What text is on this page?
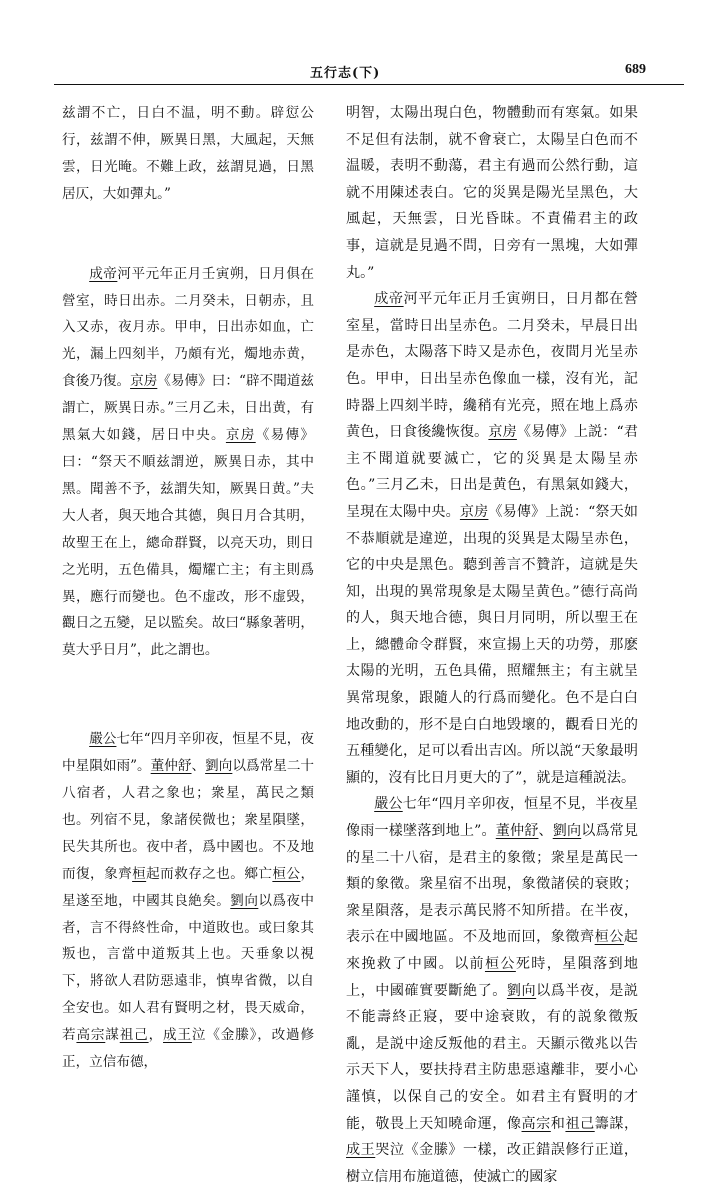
五行志(下)	689

兹謂不亡，日白不温，明不動。辟愆公行，兹謂不伸，厥異日黑，大風起，天無雲，日光晻。不難上政，兹謂見過，日黑居仄，大如彈丸。”

成帝河平元年正月壬寅朔，日月俱在營室，時日出赤。二月癸未，日朝赤，且入又赤，夜月赤。甲申，日出赤如血，亡光，漏上四刻半，乃頗有光，燭地赤黄，食後乃復。京房《易傳》曰：“辟不聞道兹謂亡，厥異日赤。”三月乙未，日出黄，有黑氣大如錢，居日中央。京房《易傳》曰：“祭天不順兹謂逆，厥異日赤，其中黑。聞善不予，兹謂失知，厥異日黄。”夫大人者，與天地合其德，與日月合其明，故聖王在上，總命群賢，以亮天功，則日之光明，五色備具，燭耀亡主；有主則爲異，應行而變也。色不虚改，形不虚毁，觀日之五變，足以監矣。故曰“縣象著明，莫大乎日月”，此之謂也。

嚴公七年“四月辛卯夜，恒星不見，夜中星隕如雨”。董仲舒、劉向以爲常星二十八宿者，人君之象也；衆星，萬民之類也。列宿不見，象諸侯微也；衆星隕墜，民失其所也。夜中者，爲中國也。不及地而復，象齊桓起而救存之也。鄉亡桓公，星遂至地，中國其良絶矣。劉向以爲夜中者，言不得終性命，中道敗也。或曰象其叛也，言當中道叛其上也。天垂象以視下，將欲人君防惡遠非，慎卑省微，以自全安也。如人君有賢明之材，畏天威命，若高宗謀祖己，成王泣《金縢》，改過修正，立信布德，

明智，太陽出現白色，物體動而有寒氣。如果不足但有法制，就不會衰亡，太陽呈白色而不温暖，表明不動蕩，君主有過而公然行動，這就不用陳述表白。它的災異是陽光呈黑色，大風起，天無雲，日光昏昧。不責備君主的政事，這就是見過不問，日旁有一黑塊，大如彈丸。”

成帝河平元年正月壬寅朔日，日月都在營室星，當時日出呈赤色。二月癸未，早晨日出是赤色，太陽落下時又是赤色，夜間月光呈赤色。甲申，日出呈赤色像血一樣，沒有光，記時器上四刻半時，纔稍有光亮，照在地上爲赤黄色，日食後纔恢復。京房《易傳》上説：“君主不聞道就要滅亡，它的災異是太陽呈赤色。”三月乙未，日出是黄色，有黑氣如錢大，呈現在太陽中央。京房《易傳》上説：“祭天如不恭順就是違逆，出現的災異是太陽呈赤色，它的中央是黑色。聽到善言不贊許，這就是失知，出現的異常現象是太陽呈黄色。”德行高尚的人，與天地合德，與日月同明，所以聖王在上，總體命令群賢，來宣揚上天的功勞，那麽太陽的光明，五色具備，照耀無主；有主就呈異常現象，跟隨人的行爲而變化。色不是白白地改動的，形不是白白地毁壞的，觀看日光的五種變化，足可以看出吉凶。所以説“天象最明顯的，沒有比日月更大的了”，就是這種説法。

嚴公七年“四月辛卯夜，恒星不見，半夜星像雨一樣墜落到地上”。董仲舒、劉向以爲常見的星二十八宿，是君主的象徵；衆星是萬民一類的象徵。衆星宿不出現，象徵諸侯的衰敗；衆星隕落，是表示萬民將不知所措。在半夜，表示在中國地區。不及地而回，象徵齊桓公起來挽救了中國。以前桓公死時，星隕落到地上，中國確實要斷絶了。劉向以爲半夜，是説不能壽終正寢，要中途衰敗，有的説象徵叛亂，是説中途反叛他的君主。天顯示徵兆以告示天下人，要扶持君主防患惡遠離非，要小心謹慎，以保自己的安全。如君主有賢明的才能，敬畏上天知曉命運，像高宗和祖己籌謀，成王哭泣《金縢》一樣，改正錯誤修行正道，樹立信用布施道德，使滅亡的國家
